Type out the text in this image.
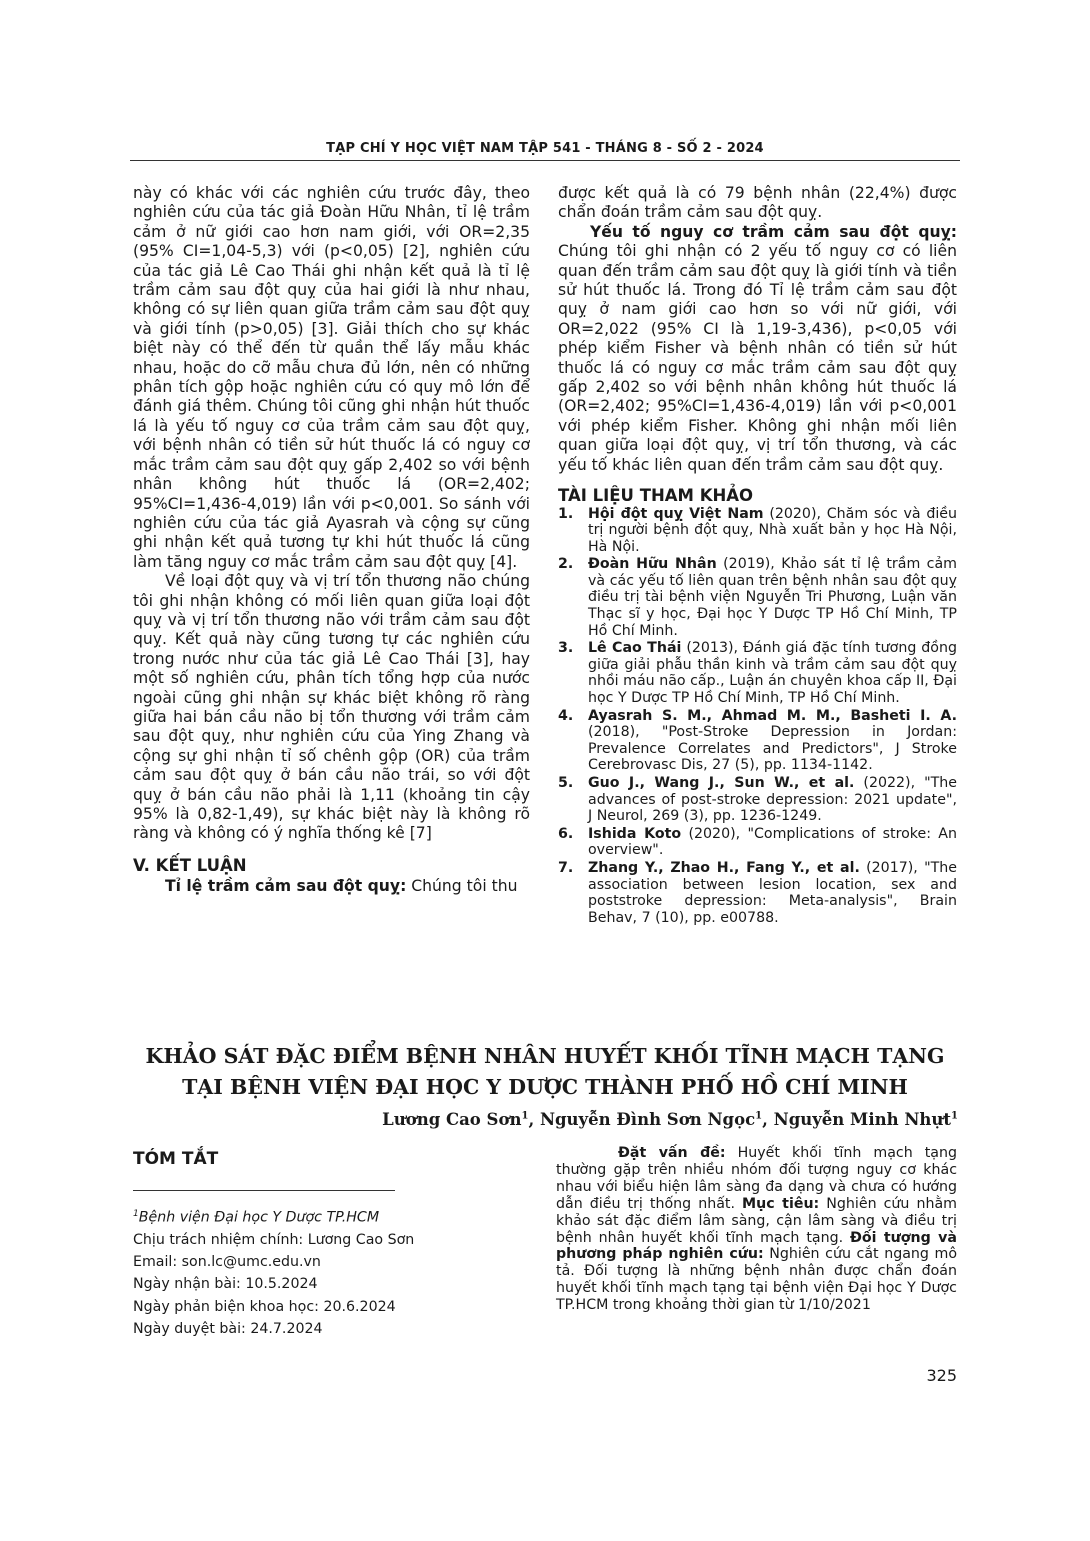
TẠP CHÍ Y HỌC VIỆT NAM TẬP 541 - THÁNG 8 - SỐ 2 - 2024

này có khác với các nghiên cứu trước đây, theo nghiên cứu của tác giả Đoàn Hữu Nhân, tỉ lệ trầm cảm ở nữ giới cao hơn nam giới, với OR=2,35 (95% CI=1,04-5,3) với (p<0,05) [2], nghiên cứu của tác giả Lê Cao Thái ghi nhận kết quả là tỉ lệ trầm cảm sau đột quỵ của hai giới là như nhau, không có sự liên quan giữa trầm cảm sau đột quỵ và giới tính (p>0,05) [3]. Giải thích cho sự khác biệt này có thể đến từ quần thể lấy mẫu khác nhau, hoặc do cỡ mẫu chưa đủ lớn, nên có những phân tích gộp hoặc nghiên cứu có quy mô lớn để đánh giá thêm. Chúng tôi cũng ghi nhận hút thuốc lá là yếu tố nguy cơ của trầm cảm sau đột quỵ, với bệnh nhân có tiền sử hút thuốc lá có nguy cơ mắc trầm cảm sau đột quỵ gấp 2,402 so với bệnh nhân không hút thuốc lá (OR=2,402; 95%CI=1,436-4,019) lần với p<0,001. So sánh với nghiên cứu của tác giả Ayasrah và cộng sự cũng ghi nhận kết quả tương tự khi hút thuốc lá cũng làm tăng nguy cơ mắc trầm cảm sau đột quỵ [4].

Về loại đột quỵ và vị trí tổn thương não chúng tôi ghi nhận không có mối liên quan giữa loại đột quỵ và vị trí tổn thương não với trầm cảm sau đột quỵ. Kết quả này cũng tương tự các nghiên cứu trong nước như của tác giả Lê Cao Thái [3], hay một số nghiên cứu, phân tích tổng hợp của nước ngoài cũng ghi nhận sự khác biệt không rõ ràng giữa hai bán cầu não bị tổn thương với trầm cảm sau đột quỵ, như nghiên cứu của Ying Zhang và cộng sự ghi nhận tỉ số chênh gộp (OR) của trầm cảm sau đột quỵ ở bán cầu não trái, so với đột quỵ ở bán cầu não phải là 1,11 (khoảng tin cậy 95% là 0,82-1,49), sự khác biệt này là không rõ ràng và không có ý nghĩa thống kê [7]

V. KẾT LUẬN

Tỉ lệ trầm cảm sau đột quỵ: Chúng tôi thu

được kết quả là có 79 bệnh nhân (22,4%) được chẩn đoán trầm cảm sau đột quỵ.

Yếu tố nguy cơ trầm cảm sau đột quỵ: Chúng tôi ghi nhận có 2 yếu tố nguy cơ có liên quan đến trầm cảm sau đột quỵ là giới tính và tiền sử hút thuốc lá. Trong đó Tỉ lệ trầm cảm sau đột quỵ ở nam giới cao hơn so với nữ giới, với OR=2,022 (95% CI là 1,19-3,436), p<0,05 với phép kiểm Fisher và bệnh nhân có tiền sử hút thuốc lá có nguy cơ mắc trầm cảm sau đột quỵ gấp 2,402 so với bệnh nhân không hút thuốc lá (OR=2,402; 95%CI=1,436-4,019) lần với p<0,001 với phép kiểm Fisher. Không ghi nhận mối liên quan giữa loại đột quỵ, vị trí tổn thương, và các yếu tố khác liên quan đến trầm cảm sau đột quỵ.

TÀI LIỆU THAM KHẢO

1. Hội đột quỵ Việt Nam (2020), Chăm sóc và điều trị người bệnh đột quỵ, Nhà xuất bản y học Hà Nội, Hà Nội.
2. Đoàn Hữu Nhân (2019), Khảo sát tỉ lệ trầm cảm và các yếu tố liên quan trên bệnh nhân sau đột quỵ điều trị tài bệnh viện Nguyễn Tri Phương, Luận văn Thạc sĩ y học, Đại học Y Dược TP Hồ Chí Minh, TP Hồ Chí Minh.
3. Lê Cao Thái (2013), Đánh giá đặc tính tương đồng giữa giải phẫu thần kinh và trầm cảm sau đột quỵ nhồi máu não cấp., Luận án chuyên khoa cấp II, Đại học Y Dược TP Hồ Chí Minh, TP Hồ Chí Minh.
4. Ayasrah S. M., Ahmad M. M., Basheti I. A. (2018), "Post-Stroke Depression in Jordan: Prevalence Correlates and Predictors", J Stroke Cerebrovasc Dis, 27 (5), pp. 1134-1142.
5. Guo J., Wang J., Sun W., et al. (2022), "The advances of post-stroke depression: 2021 update", J Neurol, 269 (3), pp. 1236-1249.
6. Ishida Koto (2020), "Complications of stroke: An overview".
7. Zhang Y., Zhao H., Fang Y., et al. (2017), "The association between lesion location, sex and poststroke depression: Meta-analysis", Brain Behav, 7 (10), pp. e00788.
KHẢO SÁT ĐẶC ĐIỂM BỆNH NHÂN HUYẾT KHỐI TĨNH MẠCH TẠNG
TẠI BỆNH VIỆN ĐẠI HỌC Y DƯỢC THÀNH PHỐ HỒ CHÍ MINH
Lương Cao Sơn$^1$, Nguyễn Đình Sơn Ngọc$^1$, Nguyễn Minh Nhựt$^1$
TÓM TẮT
$^1$Bệnh viện Đại học Y Dược TP.HCM
Chịu trách nhiệm chính: Lương Cao Sơn
Email: son.lc@umc.edu.vn
Ngày nhận bài: 10.5.2024
Ngày phản biện khoa học: 20.6.2024
Ngày duyệt bài: 24.7.2024

Đặt vấn đề: Huyết khối tĩnh mạch tạng thường gặp trên nhiều nhóm đối tượng nguy cơ khác nhau với biểu hiện lâm sàng đa dạng và chưa có hướng dẫn điều trị thống nhất. Mục tiêu: Nghiên cứu nhằm khảo sát đặc điểm lâm sàng, cận lâm sàng và điều trị bệnh nhân huyết khối tĩnh mạch tạng. Đối tượng và phương pháp nghiên cứu: Nghiên cứu cắt ngang mô tả. Đối tượng là những bệnh nhân được chẩn đoán huyết khối tĩnh mạch tạng tại bệnh viện Đại học Y Dược TP.HCM trong khoảng thời gian từ 1/10/2021

325
